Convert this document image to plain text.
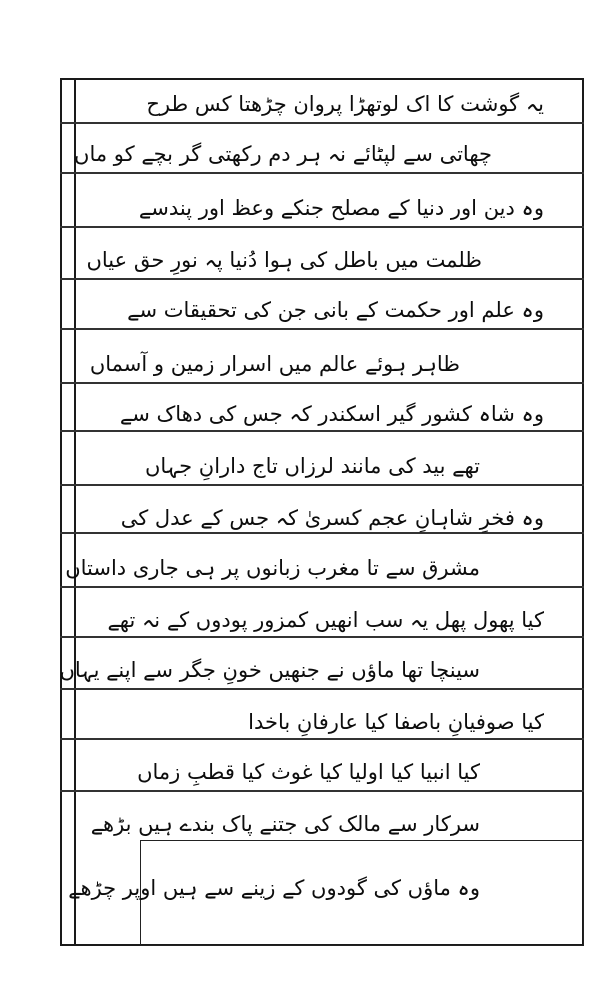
یہ گوشت کا اک لوتھڑا پروان چڑھتا کس طرح
چھاتی سے لپٹائے نہ ہر دم رکھتی گر بچے کو ماں
وہ دین اور دنیا کے مصلح جنکے وعظ اور پندسے
ظلمت میں باطل کی ہوا دُنیا پہ نورِ حق عیاں
وہ علم اور حکمت کے بانی جن کی تحقیقات سے
ظاہر ہوئے عالم میں اسرار زمین و آسماں
وہ شاہ کشور گیر اسکندر کہ جس کی دھاک سے
تھے بید کی مانند لرزاں تاج دارانِ جہاں
وہ فخرِ شاہانِ عجم کسریٰ کہ جس کے عدل کی
مشرق سے تا مغرب زبانوں پر ہی جاری داستاں
کیا پھول پھل یہ سب انھیں کمزور پودوں کے نہ تھے
سینچا تھا ماؤں نے جنھیں خونِ جگر سے اپنے یہاں
کیا صوفیانِ باصفا کیا عارفانِ باخدا
کیا انبیا کیا اولیا کیا غوث کیا قطبِ زماں
سرکار سے مالک کی جتنے پاک بندے ہیں بڑھے
وہ ماؤں کی گودوں کے زینے سے ہیں اوپر چڑھے
